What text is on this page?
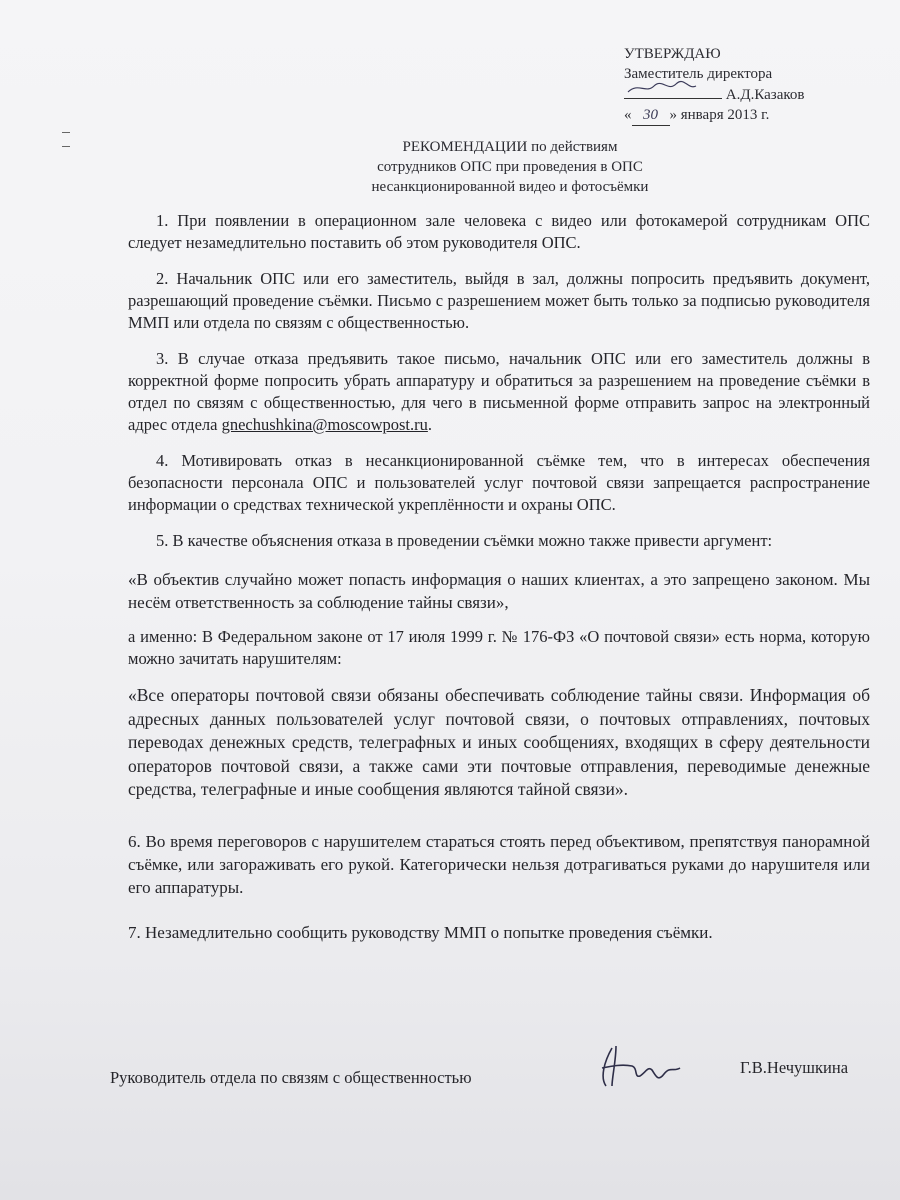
УТВЕРЖДАЮ
Заместитель директора
А.Д.Казаков
« 30 » января 2013 г.
РЕКОМЕНДАЦИИ по действиям
сотрудников ОПС при проведения в ОПС
несанкционированной видео и фотосъёмки

1. При появлении в операционном зале человека с видео или фотокамерой сотрудникам ОПС следует незамедлительно поставить об этом руководителя ОПС.

2. Начальник ОПС или его заместитель, выйдя в зал, должны попросить предъявить документ, разрешающий проведение съёмки. Письмо с разрешением может быть только за подписью руководителя ММП или отдела по связям с общественностью.

3. В случае отказа предъявить такое письмо, начальник ОПС или его заместитель должны в корректной форме попросить убрать аппаратуру и обратиться за разрешением на проведение съёмки в отдел по связям с общественностью, для чего в письменной форме отправить запрос на электронный адрес отдела gnechushkina@moscowpost.ru.

4. Мотивировать отказ в несанкционированной съёмке тем, что в интересах обеспечения безопасности персонала ОПС и пользователей услуг почтовой связи запрещается распространение информации о средствах технической укреплённости и охраны ОПС.

5. В качестве объяснения отказа в проведении съёмки можно также привести аргумент:

«В объектив случайно может попасть информация о наших клиентах, а это запрещено законом. Мы несём ответственность за соблюдение тайны связи»,

а именно: В Федеральном законе от 17 июля 1999 г. № 176-ФЗ «О почтовой связи» есть норма, которую можно зачитать нарушителям:

«Все операторы почтовой связи обязаны обеспечивать соблюдение тайны связи. Информация об адресных данных пользователей услуг почтовой связи, о почтовых отправлениях, почтовых переводах денежных средств, телеграфных и иных сообщениях, входящих в сферу деятельности операторов почтовой связи, а также сами эти почтовые отправления, переводимые денежные средства, телеграфные и иные сообщения являются тайной связи».

6. Во время переговоров с нарушителем стараться стоять перед объективом, препятствуя панорамной съёмке, или загораживать его рукой. Категорически нельзя дотрагиваться руками до нарушителя или его аппаратуры.

7. Незамедлительно сообщить руководству ММП о попытке проведения съёмки.

Руководитель отдела по связям с общественностью
Г.В.Нечушкина
